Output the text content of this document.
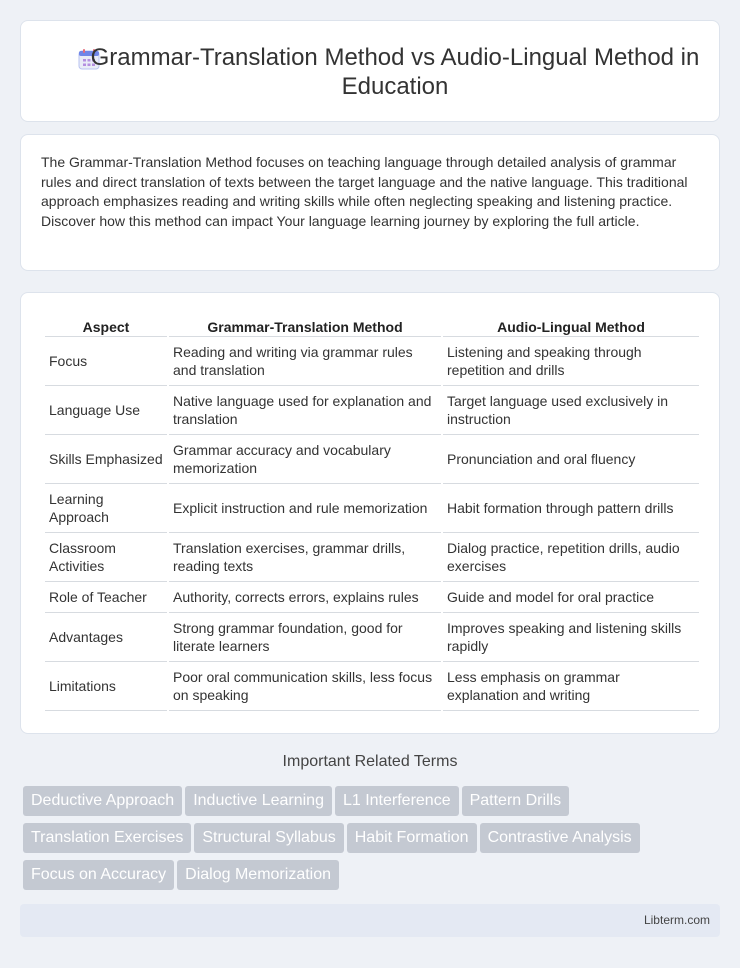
Grammar-Translation Method vs Audio-Lingual Method in Education

The Grammar-Translation Method focuses on teaching language through detailed analysis of grammar rules and direct translation of texts between the target language and the native language. This traditional approach emphasizes reading and writing skills while often neglecting speaking and listening practice. Discover how this method can impact Your language learning journey by exploring the full article.

Aspect	Grammar-Translation Method	Audio-Lingual Method
Focus	Reading and writing via grammar rules and translation	Listening and speaking through repetition and drills
Language Use	Native language used for explanation and translation	Target language used exclusively in instruction
Skills Emphasized	Grammar accuracy and vocabulary memorization	Pronunciation and oral fluency
Learning Approach	Explicit instruction and rule memorization	Habit formation through pattern drills
Classroom Activities	Translation exercises, grammar drills, reading texts	Dialog practice, repetition drills, audio exercises
Role of Teacher	Authority, corrects errors, explains rules	Guide and model for oral practice
Advantages	Strong grammar foundation, good for literate learners	Improves speaking and listening skills rapidly
Limitations	Poor oral communication skills, less focus on speaking	Less emphasis on grammar explanation and writing
Important Related Terms
Deductive Approach Inductive Learning L1 Interference Pattern Drills
Translation Exercises Structural Syllabus Habit Formation Contrastive Analysis
Focus on Accuracy Dialog Memorization
Libterm.com
